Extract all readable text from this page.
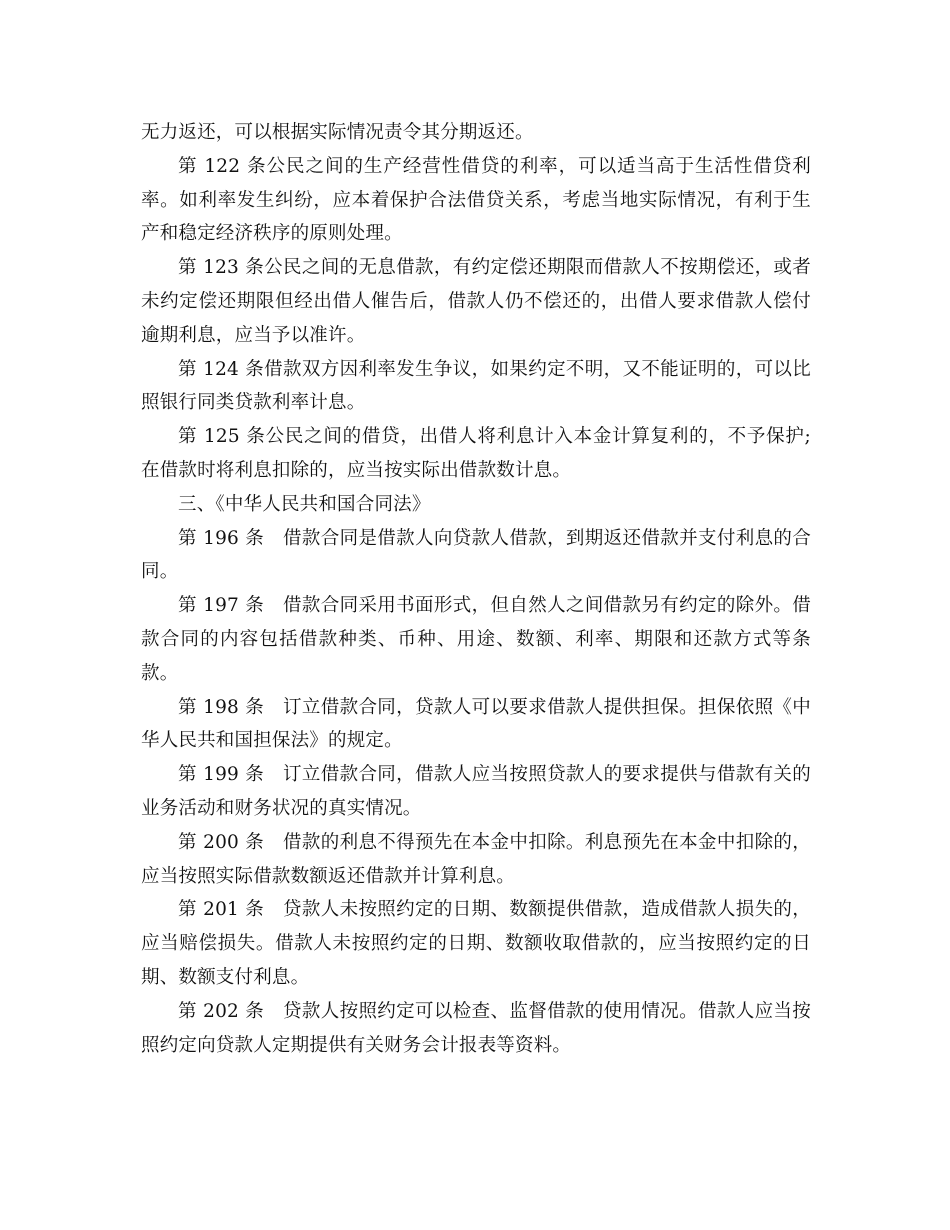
无力返还，可以根据实际情况责令其分期返还。

第 122 条公民之间的生产经营性借贷的利率，可以适当高于生活性借贷利率。如利率发生纠纷，应本着保护合法借贷关系，考虑当地实际情况，有利于生产和稳定经济秩序的原则处理。

第 123 条公民之间的无息借款，有约定偿还期限而借款人不按期偿还，或者未约定偿还期限但经出借人催告后，借款人仍不偿还的，出借人要求借款人偿付逾期利息，应当予以准许。

第 124 条借款双方因利率发生争议，如果约定不明，又不能证明的，可以比照银行同类贷款利率计息。

第 125 条公民之间的借贷，出借人将利息计入本金计算复利的，不予保护;在借款时将利息扣除的，应当按实际出借款数计息。

三、《中华人民共和国合同法》

第 196 条　借款合同是借款人向贷款人借款，到期返还借款并支付利息的合同。

第 197 条　借款合同采用书面形式，但自然人之间借款另有约定的除外。借款合同的内容包括借款种类、币种、用途、数额、利率、期限和还款方式等条款。

第 198 条　订立借款合同，贷款人可以要求借款人提供担保。担保依照《中华人民共和国担保法》的规定。

第 199 条　订立借款合同，借款人应当按照贷款人的要求提供与借款有关的业务活动和财务状况的真实情况。

第 200 条　借款的利息不得预先在本金中扣除。利息预先在本金中扣除的，应当按照实际借款数额返还借款并计算利息。

第 201 条　贷款人未按照约定的日期、数额提供借款，造成借款人损失的，应当赔偿损失。借款人未按照约定的日期、数额收取借款的，应当按照约定的日期、数额支付利息。

第 202 条　贷款人按照约定可以检查、监督借款的使用情况。借款人应当按照约定向贷款人定期提供有关财务会计报表等资料。
